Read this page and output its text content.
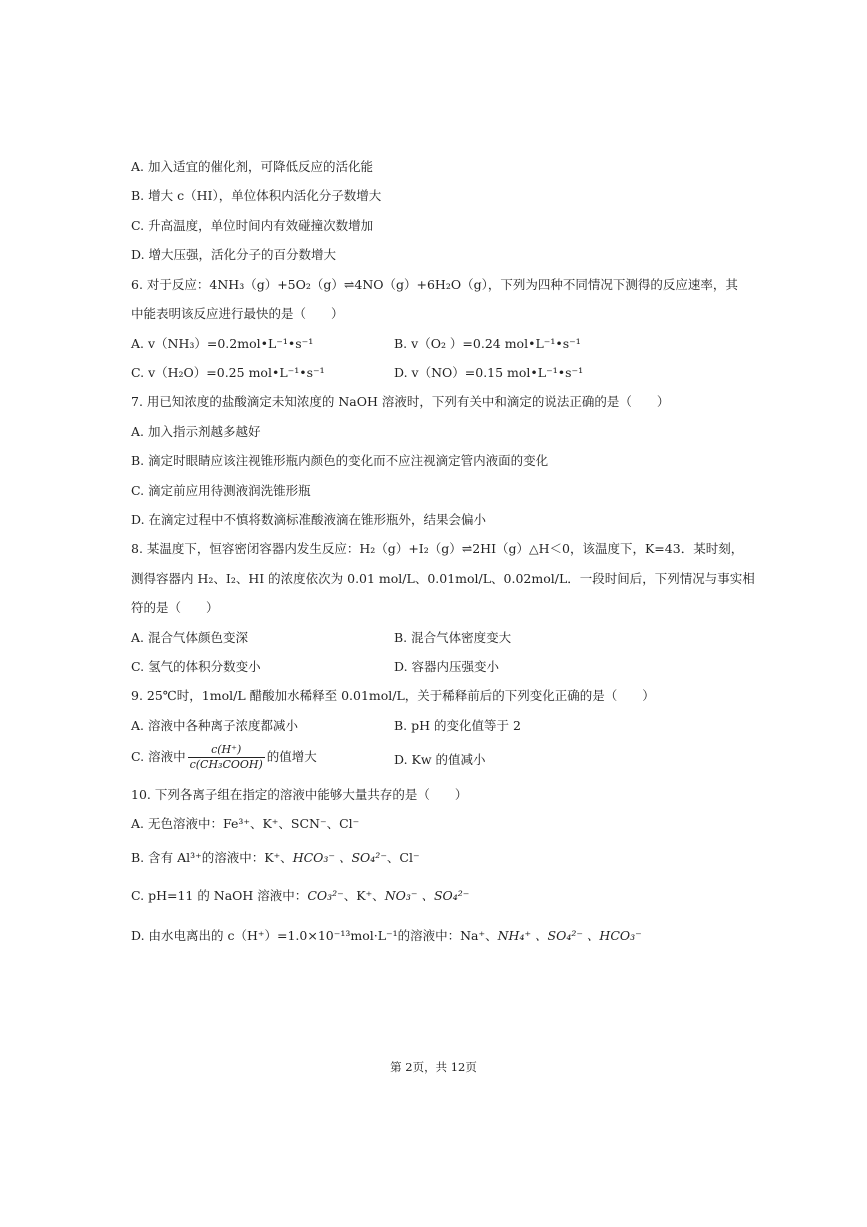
A. 加入适宜的催化剂，可降低反应的活化能
B. 增大 c（HI），单位体积内活化分子数增大
C. 升高温度，单位时间内有效碰撞次数增加
D. 增大压强，活化分子的百分数增大
6. 对于反应：4NH₃（g）+5O₂（g）⇌4NO（g）+6H₂O（g），下列为四种不同情况下测得的反应速率，其
中能表明该反应进行最快的是（　　）
A. v（NH₃）=0.2mol•L⁻¹•s⁻¹	B. v（O₂ ）=0.24 mol•L⁻¹•s⁻¹
C. v（H₂O）=0.25 mol•L⁻¹•s⁻¹	D. v（NO）=0.15 mol•L⁻¹•s⁻¹
7. 用已知浓度的盐酸滴定未知浓度的 NaOH 溶液时，下列有关中和滴定的说法正确的是（　　）
A. 加入指示剂越多越好
B. 滴定时眼睛应该注视锥形瓶内颜色的变化而不应注视滴定管内液面的变化
C. 滴定前应用待测液润洗锥形瓶
D. 在滴定过程中不慎将数滴标准酸液滴在锥形瓶外，结果会偏小
8. 某温度下，恒容密闭容器内发生反应：H₂（g）+I₂（g）⇌2HI（g）△H＜0，该温度下，K=43．某时刻，
测得容器内 H₂、I₂、HI 的浓度依次为 0.01 mol/L、0.01mol/L、0.02mol/L．一段时间后，下列情况与事实相
符的是（　　）
A. 混合气体颜色变深	B. 混合气体密度变大
C. 氢气的体积分数变小	D. 容器内压强变小
9. 25℃时，1mol/L 醋酸加水稀释至 0.01mol/L，关于稀释前后的下列变化正确的是（　　）
A. 溶液中各种离子浓度都减小	B. pH 的变化值等于 2
C. 溶液中 $\frac{c(H^+)}{\text{c(CH₃COOH)}}$ 的值增大	D. Kw 的值减小
10. 下列各离子组在指定的溶液中能够大量共存的是（　　）
A. 无色溶液中：Fe³⁺、K⁺、SCN⁻、Cl⁻
B. 含有 Al³⁺的溶液中：K⁺、HCO₃⁻ 、SO₄²⁻、Cl⁻
C. pH=11 的 NaOH 溶液中：CO₃²⁻、K⁺、NO₃⁻ 、SO₄²⁻
D. 由水电离出的 c（H⁺）=1.0×10⁻¹³mol·L⁻¹的溶液中：Na⁺、NH₄⁺ 、SO₄²⁻ 、HCO₃⁻
第 2页，共 12页
